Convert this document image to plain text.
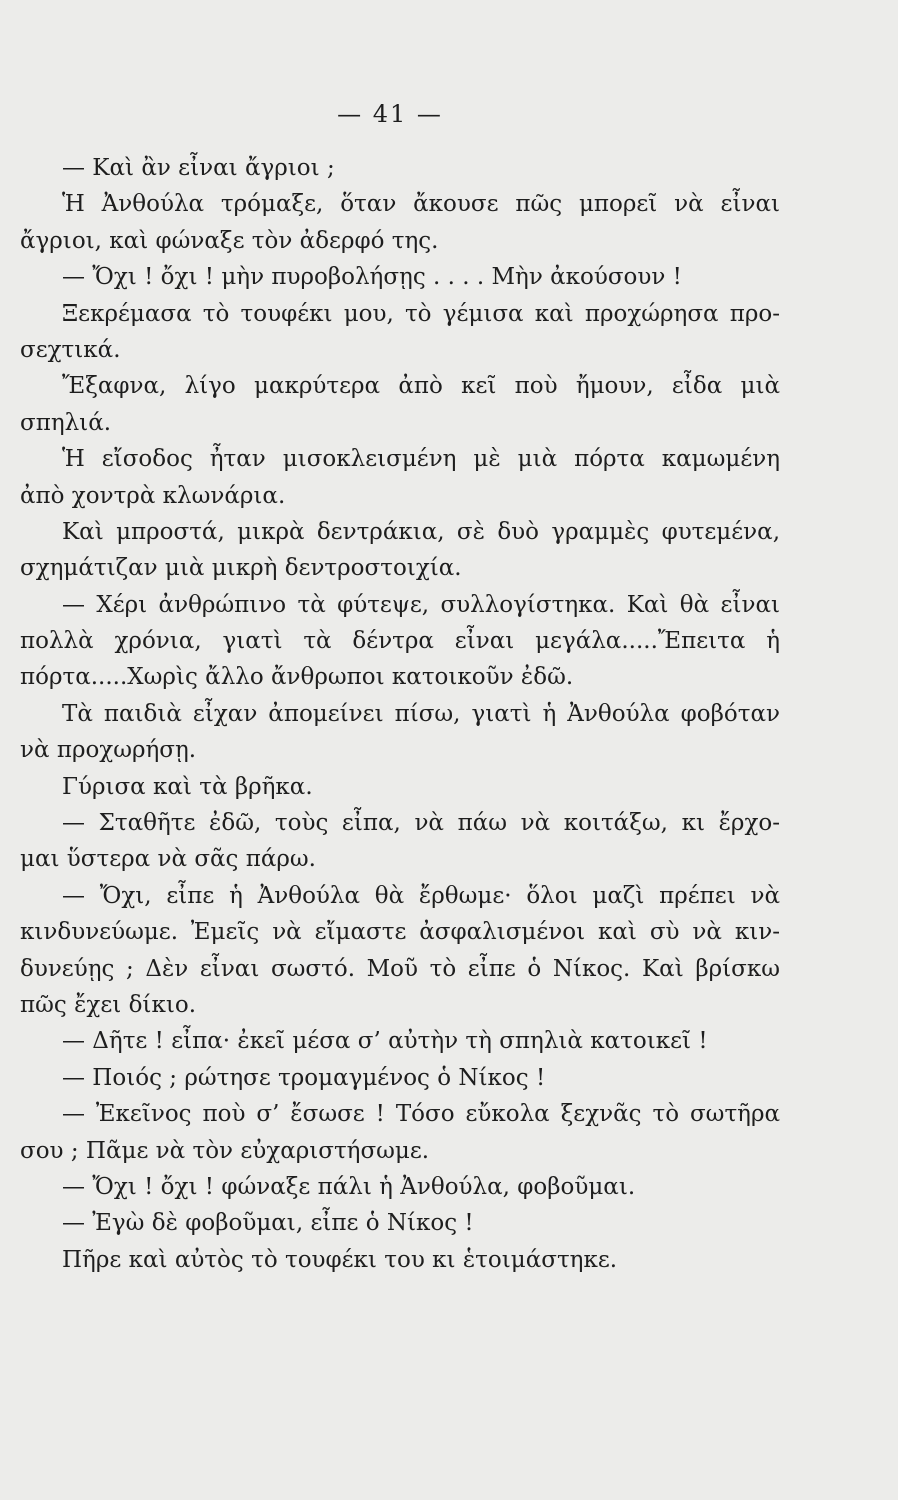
— 41 —
— Καὶ ἂν εἶναι ἄγριοι ;
Ἡ Ἀνθούλα τρόμαξε, ὅταν ἄκουσε πῶς μπορεῖ νὰ εἶναι
ἄγριοι, καὶ φώναξε τὸν ἀδερφό της.
— Ὄχι ! ὄχι ! μὴν πυροβολήσῃς . . . . Μὴν ἀκούσουν !
Ξεκρέμασα τὸ τουφέκι μου, τὸ γέμισα καὶ προχώρησα προ-
σεχτικά.
Ἔξαφνα, λίγο μακρύτερα ἀπὸ κεῖ ποὺ ἤμουν, εἶδα μιὰ
σπηλιά.
Ἡ εἴσοδος ἦταν μισοκλεισμένη μὲ μιὰ πόρτα καμωμένη
ἀπὸ χοντρὰ κλωνάρια.
Καὶ μπροστά, μικρὰ δεντράκια, σὲ δυὸ γραμμὲς φυτεμένα,
σχημάτιζαν μιὰ μικρὴ δεντροστοιχία.
— Χέρι ἀνθρώπινο τὰ φύτεψε, συλλογίστηκα. Καὶ θὰ εἶναι
πολλὰ χρόνια, γιατὶ τὰ δέντρα εἶναι μεγάλα.....Ἔπειτα ἡ
πόρτα.....Χωρὶς ἄλλο ἄνθρωποι κατοικοῦν ἐδῶ.
Τὰ παιδιὰ εἶχαν ἀπομείνει πίσω, γιατὶ ἡ Ἀνθούλα φοβόταν
νὰ προχωρήσῃ.
Γύρισα καὶ τὰ βρῆκα.
— Σταθῆτε ἐδῶ, τοὺς εἶπα, νὰ πάω νὰ κοιτάξω, κι ἔρχο-
μαι ὕστερα νὰ σᾶς πάρω.
— Ὄχι, εἶπε ἡ Ἀνθούλα θὰ ἔρθωμε· ὅλοι μαζὶ πρέπει νὰ
κινδυνεύωμε. Ἐμεῖς νὰ εἴμαστε ἀσφαλισμένοι καὶ σὺ νὰ κιν-
δυνεύῃς ; Δὲν εἶναι σωστό. Μοῦ τὸ εἶπε ὁ Νίκος. Καὶ βρίσκω
πῶς ἔχει δίκιο.
— Δῆτε ! εἶπα· ἐκεῖ μέσα σ’ αὐτὴν τὴ σπηλιὰ κατοικεῖ !
— Ποιός ; ρώτησε τρομαγμένος ὁ Νίκος !
— Ἐκεῖνος ποὺ σ’ ἔσωσε ! Τόσο εὔκολα ξεχνᾶς τὸ σωτῆρα
σου ; Πᾶμε νὰ τὸν εὐχαριστήσωμε.
— Ὄχι ! ὄχι ! φώναξε πάλι ἡ Ἀνθούλα, φοβοῦμαι.
— Ἐγὼ δὲ φοβοῦμαι, εἶπε ὁ Νίκος !
Πῆρε καὶ αὐτὸς τὸ τουφέκι του κι ἑτοιμάστηκε.
